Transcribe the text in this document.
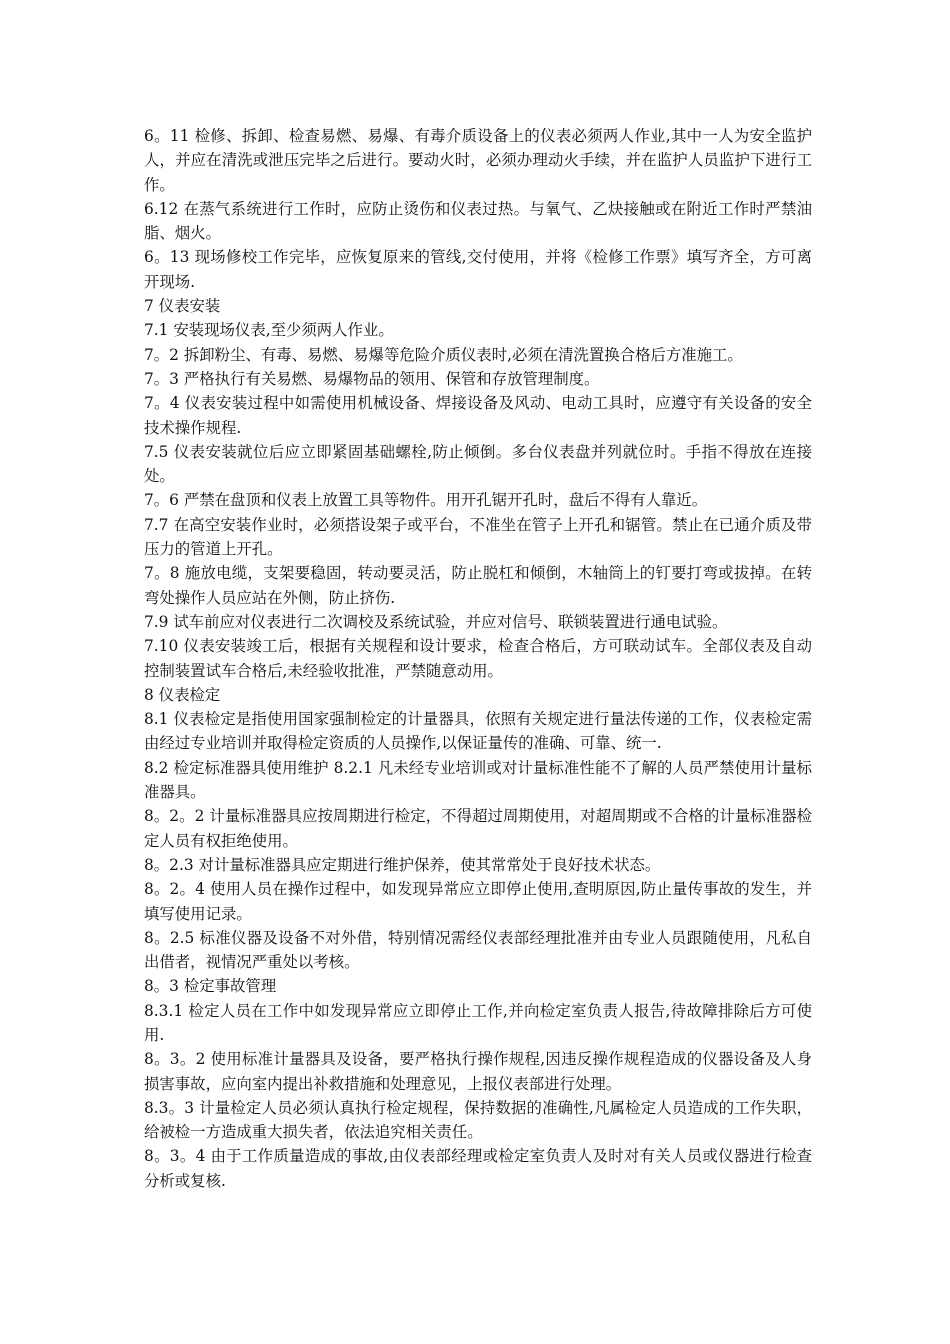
6。11 检修、拆卸、检查易燃、易爆、有毒介质设备上的仪表必须两人作业,其中一人为安全监护人，并应在清洗或泄压完毕之后进行。要动火时，必须办理动火手续，并在监护人员监护下进行工作。

6.12 在蒸气系统进行工作时，应防止烫伤和仪表过热。与氧气、乙炔接触或在附近工作时严禁油脂、烟火。

6。13 现场修校工作完毕，应恢复原来的管线,交付使用，并将《检修工作票》填写齐全，方可离开现场.

7 仪表安装

7.1 安装现场仪表,至少须两人作业。

7。2 拆卸粉尘、有毒、易燃、易爆等危险介质仪表时,必须在清洗置换合格后方准施工。

7。3 严格执行有关易燃、易爆物品的领用、保管和存放管理制度。

7。4 仪表安装过程中如需使用机械设备、焊接设备及风动、电动工具时，应遵守有关设备的安全技术操作规程.

7.5 仪表安装就位后应立即紧固基础螺栓,防止倾倒。多台仪表盘并列就位时。手指不得放在连接处。

7。6 严禁在盘顶和仪表上放置工具等物件。用开孔锯开孔时，盘后不得有人靠近。

7.7 在高空安装作业时，必须搭设架子或平台，不准坐在管子上开孔和锯管。禁止在已通介质及带压力的管道上开孔。

7。8 施放电缆，支架要稳固，转动要灵活，防止脱杠和倾倒，木轴筒上的钉要打弯或拔掉。在转弯处操作人员应站在外侧，防止挤伤.

7.9 试车前应对仪表进行二次调校及系统试验，并应对信号、联锁装置进行通电试验。

7.10 仪表安装竣工后，根据有关规程和设计要求，检查合格后，方可联动试车。全部仪表及自动控制装置试车合格后,未经验收批准，严禁随意动用。

8 仪表检定

8.1 仪表检定是指使用国家强制检定的计量器具，依照有关规定进行量法传递的工作，仪表检定需由经过专业培训并取得检定资质的人员操作,以保证量传的准确、可靠、统一.

8.2 检定标准器具使用维护 8.2.1 凡未经专业培训或对计量标准性能不了解的人员严禁使用计量标准器具。

8。2。2 计量标准器具应按周期进行检定，不得超过周期使用，对超周期或不合格的计量标准器检定人员有权拒绝使用。

8。2.3 对计量标准器具应定期进行维护保养，使其常常处于良好技术状态。

8。2。4 使用人员在操作过程中，如发现异常应立即停止使用,查明原因,防止量传事故的发生，并填写使用记录。

8。2.5 标准仪器及设备不对外借，特别情况需经仪表部经理批准并由专业人员跟随使用，凡私自出借者，视情况严重处以考核。

8。3 检定事故管理

8.3.1 检定人员在工作中如发现异常应立即停止工作,并向检定室负责人报告,待故障排除后方可使用.

8。3。2 使用标准计量器具及设备，要严格执行操作规程,因违反操作规程造成的仪器设备及人身损害事故，应向室内提出补救措施和处理意见，上报仪表部进行处理。

8.3。3 计量检定人员必须认真执行检定规程，保持数据的准确性,凡属检定人员造成的工作失职，给被检一方造成重大损失者，依法追究相关责任。

8。3。4 由于工作质量造成的事故,由仪表部经理或检定室负责人及时对有关人员或仪器进行检查分析或复核.
